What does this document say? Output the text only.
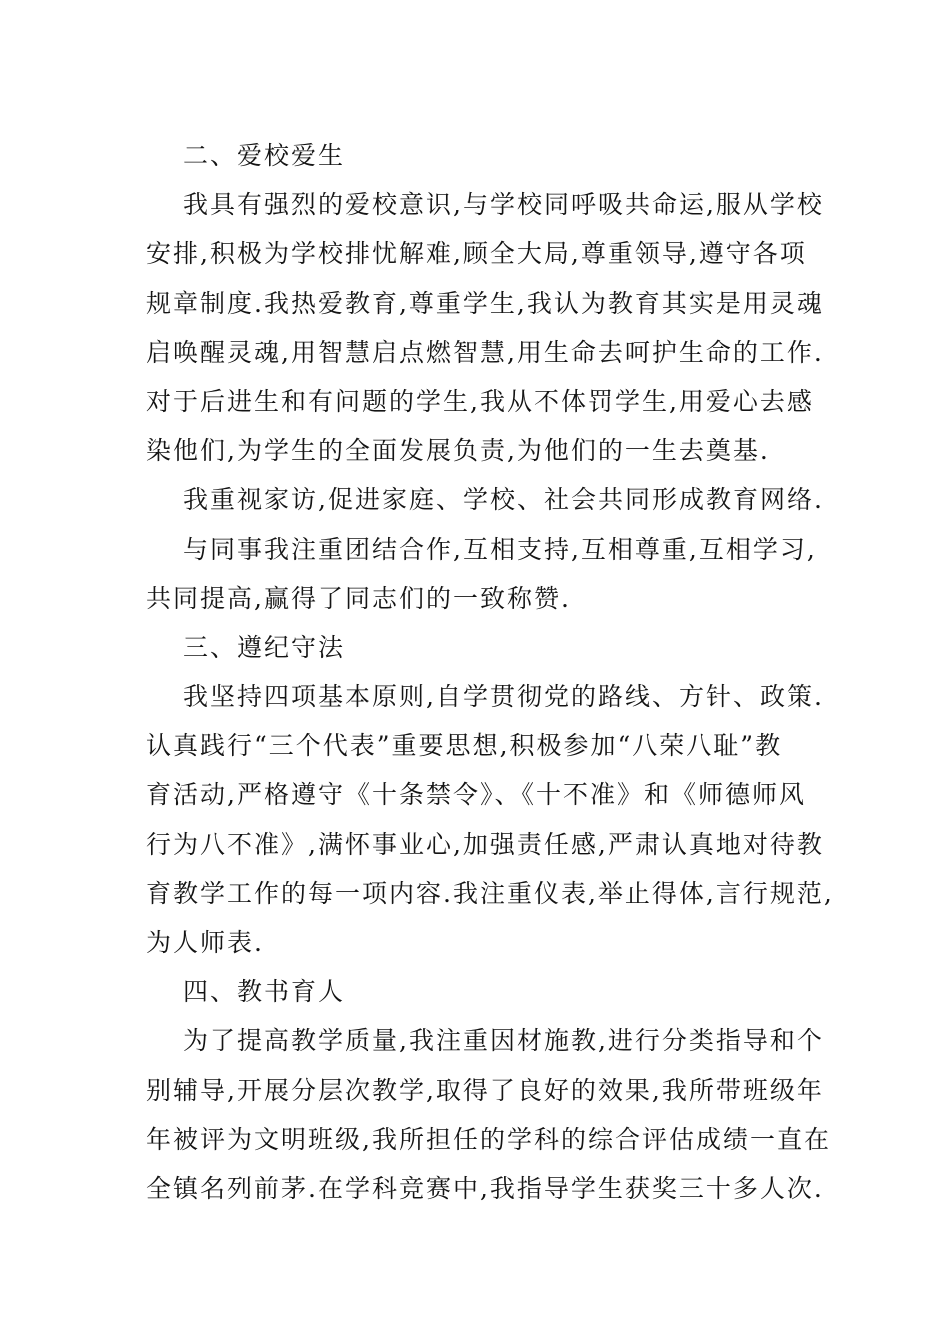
二、爱校爱生
我具有强烈的爱校意识,与学校同呼吸共命运,服从学校
安排,积极为学校排忧解难,顾全大局,尊重领导,遵守各项
规章制度.我热爱教育,尊重学生,我认为教育其实是用灵魂
启唤醒灵魂,用智慧启点燃智慧,用生命去呵护生命的工作.
对于后进生和有问题的学生,我从不体罚学生,用爱心去感
染他们,为学生的全面发展负责,为他们的一生去奠基.
我重视家访,促进家庭、学校、社会共同形成教育网络.
与同事我注重团结合作,互相支持,互相尊重,互相学习,
共同提高,赢得了同志们的一致称赞.
三、遵纪守法
我坚持四项基本原则,自学贯彻党的路线、方针、政策.
认真践行“三个代表”重要思想,积极参加“八荣八耻”教
育活动,严格遵守《十条禁令》、《十不准》和《师德师风
行为八不准》,满怀事业心,加强责任感,严肃认真地对待教
育教学工作的每一项内容.我注重仪表,举止得体,言行规范,
为人师表.
四、教书育人
为了提高教学质量,我注重因材施教,进行分类指导和个
别辅导,开展分层次教学,取得了良好的效果,我所带班级年
年被评为文明班级,我所担任的学科的综合评估成绩一直在
全镇名列前茅.在学科竞赛中,我指导学生获奖三十多人次.
